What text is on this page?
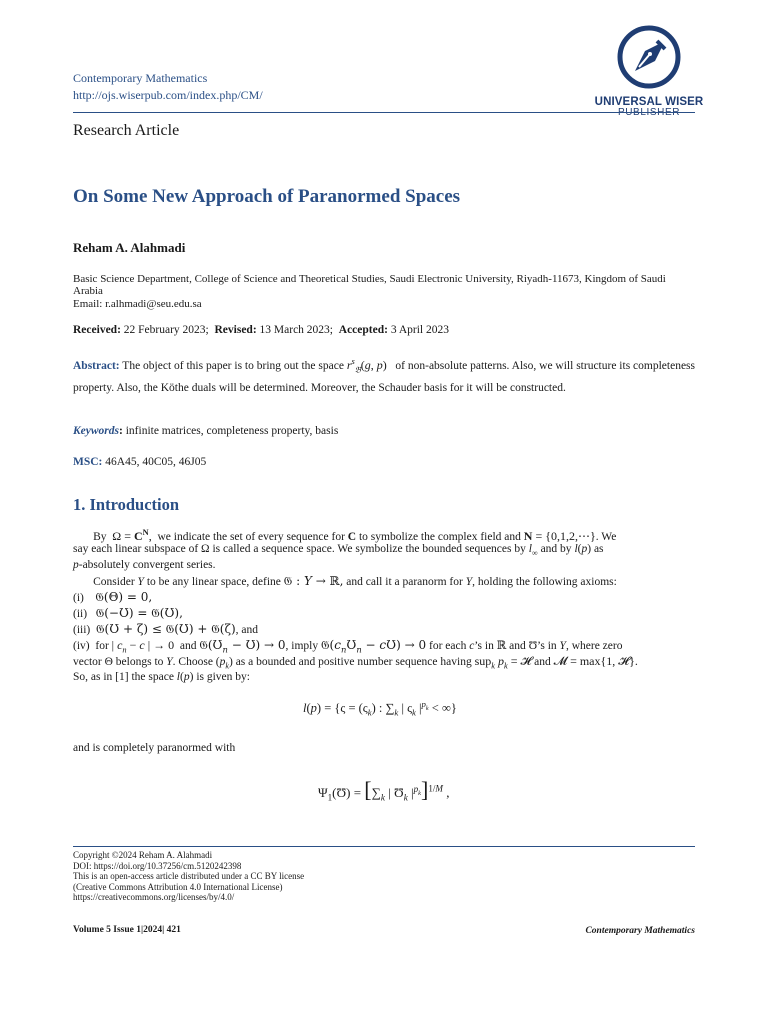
Contemporary Mathematics
http://ojs.wiserpub.com/index.php/CM/	UNIVERSAL WISER
PUBLISHER
Research Article
On Some New Approach of Paranormed Spaces
Reham A. Alahmadi
Basic Science Department, College of Science and Theoretical Studies, Saudi Electronic University, Riyadh-11673, Kingdom of Saudi Arabia
Email: r.alhmadi@seu.edu.sa
Received: 22 February 2023; Revised: 13 March 2023; Accepted: 3 April 2023
Abstract: The object of this paper is to bring out the space $r^s_𝔅(g$, p) of non-absolute patterns. Also, we will structure its completeness property. Also, the Köthe duals will be determined. Moreover, the Schauder basis for it will be constructed.
Keywords: infinite matrices, completeness property, basis
MSC: 46A45, 40C05, 46J05
1. Introduction
By $\Omega = C^N$, we indicate the set of every sequence for C to symbolize the complex field and N = {0,1,2,⋯}. We
say each linear subspace of Ω is called a sequence space. We symbolize the bounded sequences by $l_\infty$ and by l(p) as
p-absolutely convergent series.
Consider Y to be any linear space, define 𝔊 : Y → ℝ, and call it a paranorm for Y, holding the following axioms:
(i) 𝔊(Θ) = 0,
(ii) 𝔊(−Ʊ) = 𝔊(Ʊ),
(iii) 𝔊(Ʊ + ζ) ≤ 𝔊(Ʊ) + 𝔊(ζ), and
(iv) for | $c_n - c$ | → 0 and $𝔊(Ʊ_n$ − Ʊ) → 0, imply $𝔊(c_nƱ_n$ − cƱ) → 0 for each c’s in ℝ and Ʊ’s in Y, where zero
vector Θ belongs to Y. Choose $(p_k)$ as a bounded and positive number sequence having sup$_k$ $p_k$ = 𝓗 and 𝓜 = max{1, 𝓗}.
So, as in [1] the space l(p) is given by:
$l(p) = \{\varsigma = (\varsigma_k)$ : $\sum_k$ | $\varsigma_k$ $|^{p_k}$ < ∞}
and is completely paranormed with
$\Psi_1(Ʊ) = [\sum_k$ | $Ʊ_k$ $|^{p_k}]^{1/M}$ ,
Copyright ©2024 Reham A. Alahmadi
DOI: https://doi.org/10.37256/cm.5120242398
This is an open-access article distributed under a CC BY license
(Creative Commons Attribution 4.0 International License)
https://creativecommons.org/licenses/by/4.0/
Volume 5 Issue 1|2024| 421	Contemporary Mathematics
